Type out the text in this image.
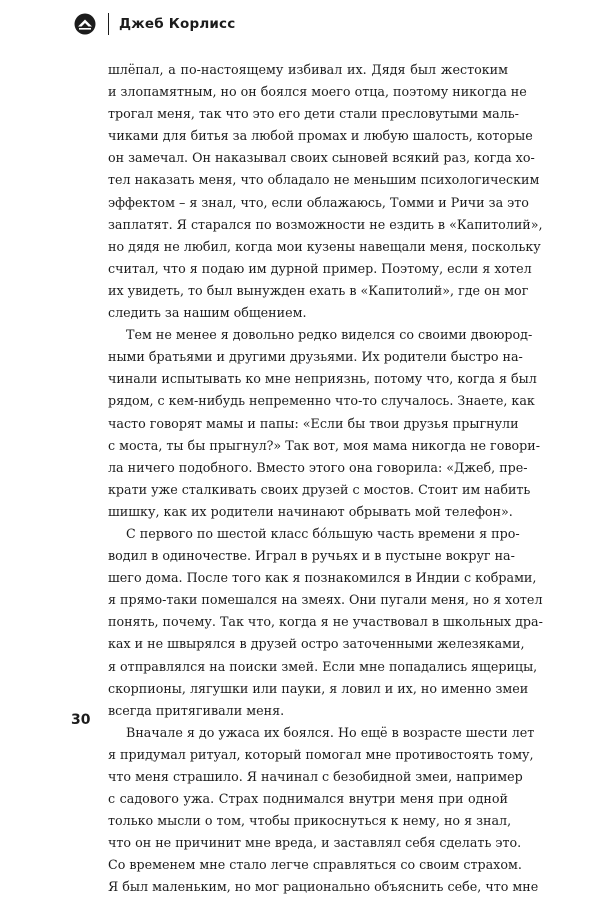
Джеб Корлисс
шлёпал, а по-настоящему избивал их. Дядя был жестоким
и злопамятным, но он боялся моего отца, поэтому никогда не
трогал меня, так что это его дети стали пресловутыми маль-
чиками для битья за любой промах и любую шалость, которые
он замечал. Он наказывал своих сыновей всякий раз, когда хо-
тел наказать меня, что обладало не меньшим психологическим
эффектом – я знал, что, если облажаюсь, Томми и Ричи за это
заплатят. Я старался по возможности не ездить в «Капитолий»,
но дядя не любил, когда мои кузены навещали меня, поскольку
считал, что я подаю им дурной пример. Поэтому, если я хотел
их увидеть, то был вынужден ехать в «Капитолий», где он мог
следить за нашим общением.
Тем не менее я довольно редко виделся со своими двоюрод-
ными братьями и другими друзьями. Их родители быстро на-
чинали испытывать ко мне неприязнь, потому что, когда я был
рядом, с кем-нибудь непременно что-то случалось. Знаете, как
часто говорят мамы и папы: «Если бы твои друзья прыгнули
с моста, ты бы прыгнул?» Так вот, моя мама никогда не говори-
ла ничего подобного. Вместо этого она говорила: «Джеб, пре-
крати уже сталкивать своих друзей с мостов. Стоит им набить
шишку, как их родители начинают обрывать мой телефон».
С первого по шестой класс бо́льшую часть времени я про-
водил в одиночестве. Играл в ручьях и в пустыне вокруг на-
шего дома. После того как я познакомился в Индии с кобрами,
я прямо-таки помешался на змеях. Они пугали меня, но я хотел
понять, почему. Так что, когда я не участвовал в школьных дра-
ках и не швырялся в друзей остро заточенными железяками,
я отправлялся на поиски змей. Если мне попадались ящерицы,
скорпионы, лягушки или пауки, я ловил и их, но именно змеи
всегда притягивали меня.
Вначале я до ужаса их боялся. Но ещё в возрасте шести лет
я придумал ритуал, который помогал мне противостоять тому,
что меня страшило. Я начинал с безобидной змеи, например
с садового ужа. Страх поднимался внутри меня при одной
только мысли о том, чтобы прикоснуться к нему, но я знал,
что он не причинит мне вреда, и заставлял себя сделать это.
Со временем мне стало легче справляться со своим страхом.
Я был маленьким, но мог рационально объяснить себе, что мне
30
